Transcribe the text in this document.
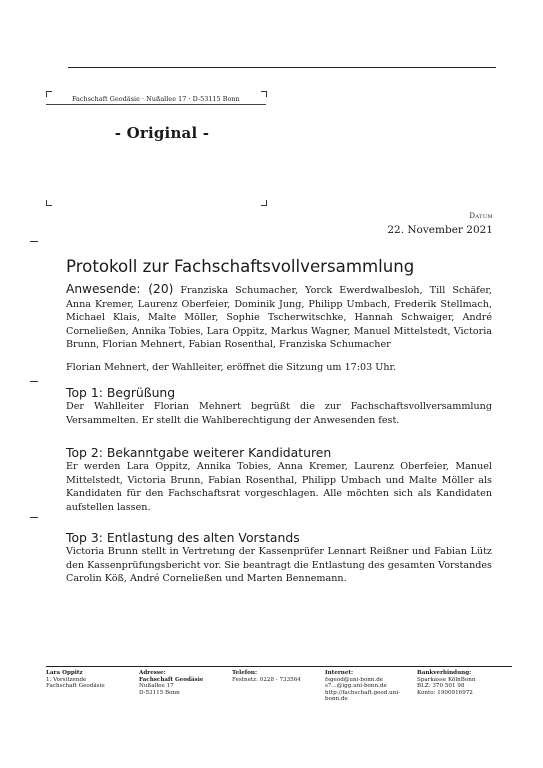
Fachschaft Geodäsie · Nußallee 17 · D-53115 Bonn
- Original -
Datum
22. November 2021
Protokoll zur Fachschaftsvollversammlung
Anwesende: (20) Franziska Schumacher, Yorck Ewerdwalbesloh, Till Schäfer, Anna Kremer, Laurenz Oberfeier, Dominik Jung, Philipp Umbach, Frederik Stellmach, Michael Klais, Malte Möller, Sophie Tscherwitschke, Hannah Schwaiger, André Corneließen, Annika Tobies, Lara Oppitz, Markus Wagner, Manuel Mittelstedt, Victoria Brunn, Florian Mehnert, Fabian Rosenthal, Franziska Schumacher
Florian Mehnert, der Wahlleiter, eröffnet die Sitzung um 17:03 Uhr.
Top 1: Begrüßung
Der Wahlleiter Florian Mehnert begrüßt die zur Fachschaftsvollversammlung Versammelten. Er stellt die Wahlberechtigung der Anwesenden fest.
Top 2: Bekanntgabe weiterer Kandidaturen
Er werden Lara Oppitz, Annika Tobies, Anna Kremer, Laurenz Oberfeier, Manuel Mittelstedt, Victoria Brunn, Fabian Rosenthal, Philipp Umbach und Malte Möller als Kandidaten für den Fachschaftsrat vorgeschlagen. Alle möchten sich als Kandidaten aufstellen lassen.
Top 3: Entlastung des alten Vorstands
Victoria Brunn stellt in Vertretung der Kassenprüfer Lennart Reißner und Fabian Lütz den Kassenprüfungsbericht vor. Sie beantragt die Entlastung des gesamten Vorstandes Carolin Köß, André Corneließen und Marten Bennemann.
Lara Oppitz
1. Vorsitzende
Fachschaft Geodäsie
Adresse:
Fachschaft Geodäsie
Nußallee 17
D-53115 Bonn
Telefon:
Festnetz: 0228 - 733564
Internet:
fsgeod@uni-bonn.de
s7...@igg.uni-bonn.de
http://fachschaft.geod.uni-
bonn.de
Bankverbindung:
Sparkasse KölnBonn
BLZ: 370 501 98
Konto: 1900916972
